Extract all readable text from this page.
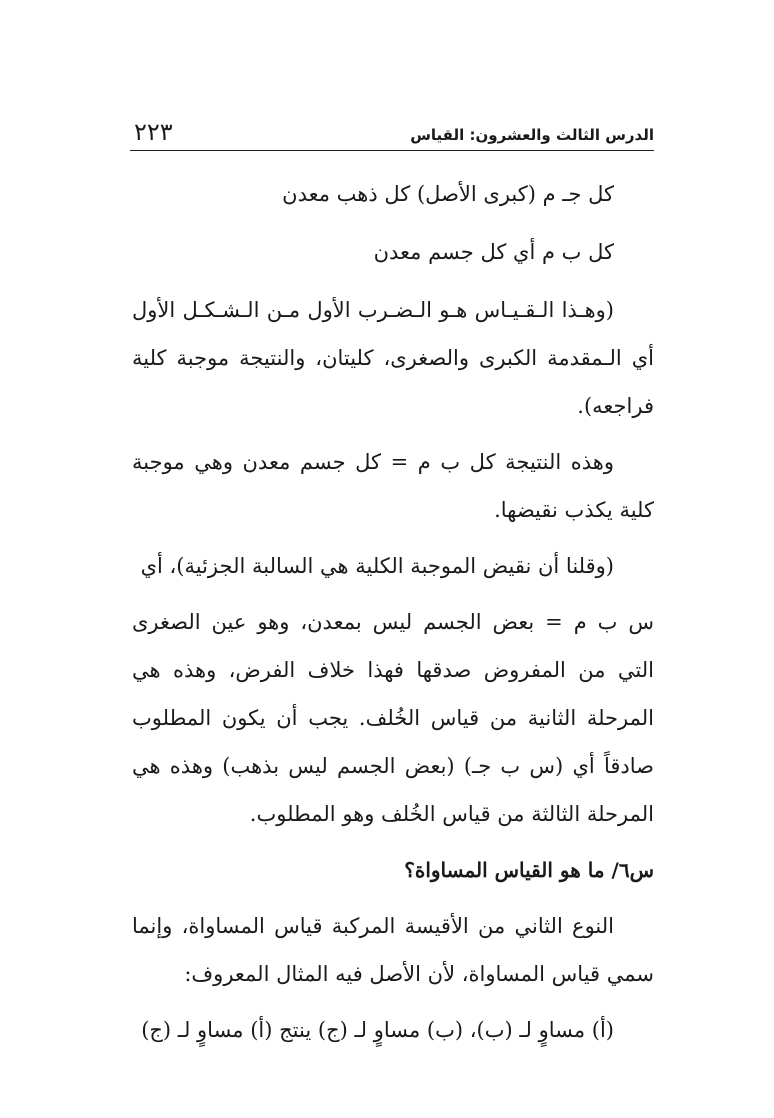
الدرس الثالث والعشرون: القياس
٢٢٣

كل جـ م (كبرى الأصل) كل ذهب معدن

كل ب م أي كل جسم معدن

(وهـذا الـقـيـاس هـو الـضـرب الأول مـن الـشـكـل الأول أي الـمقدمة الكبرى والصغرى، كليتان، والنتيجة موجبة كلية فراجعه).

وهذه النتيجة كل ب م = كل جسم معدن وهي موجبة كلية يكذب نقيضها.

(وقلنا أن نقيض الموجبة الكلية هي السالبة الجزئية)، أي

س ب م = بعض الجسم ليس بمعدن، وهو عين الصغرى التي من المفروض صدقها فهذا خلاف الفرض، وهذه هي المرحلة الثانية من قياس الخُلف. يجب أن يكون المطلوب صادقاً أي (س ب جـ) (بعض الجسم ليس بذهب) وهذه هي المرحلة الثالثة من قياس الخُلف وهو المطلوب.

س٦/ ما هو القياس المساواة؟

النوع الثاني من الأقيسة المركبة قياس المساواة، وإنما سمي قياس المساواة، لأن الأصل فيه المثال المعروف:

(أ) مساوٍ لـ (ب)، (ب) مساوٍ لـ (ج) ينتج (أ) مساوٍ لـ (ج)
